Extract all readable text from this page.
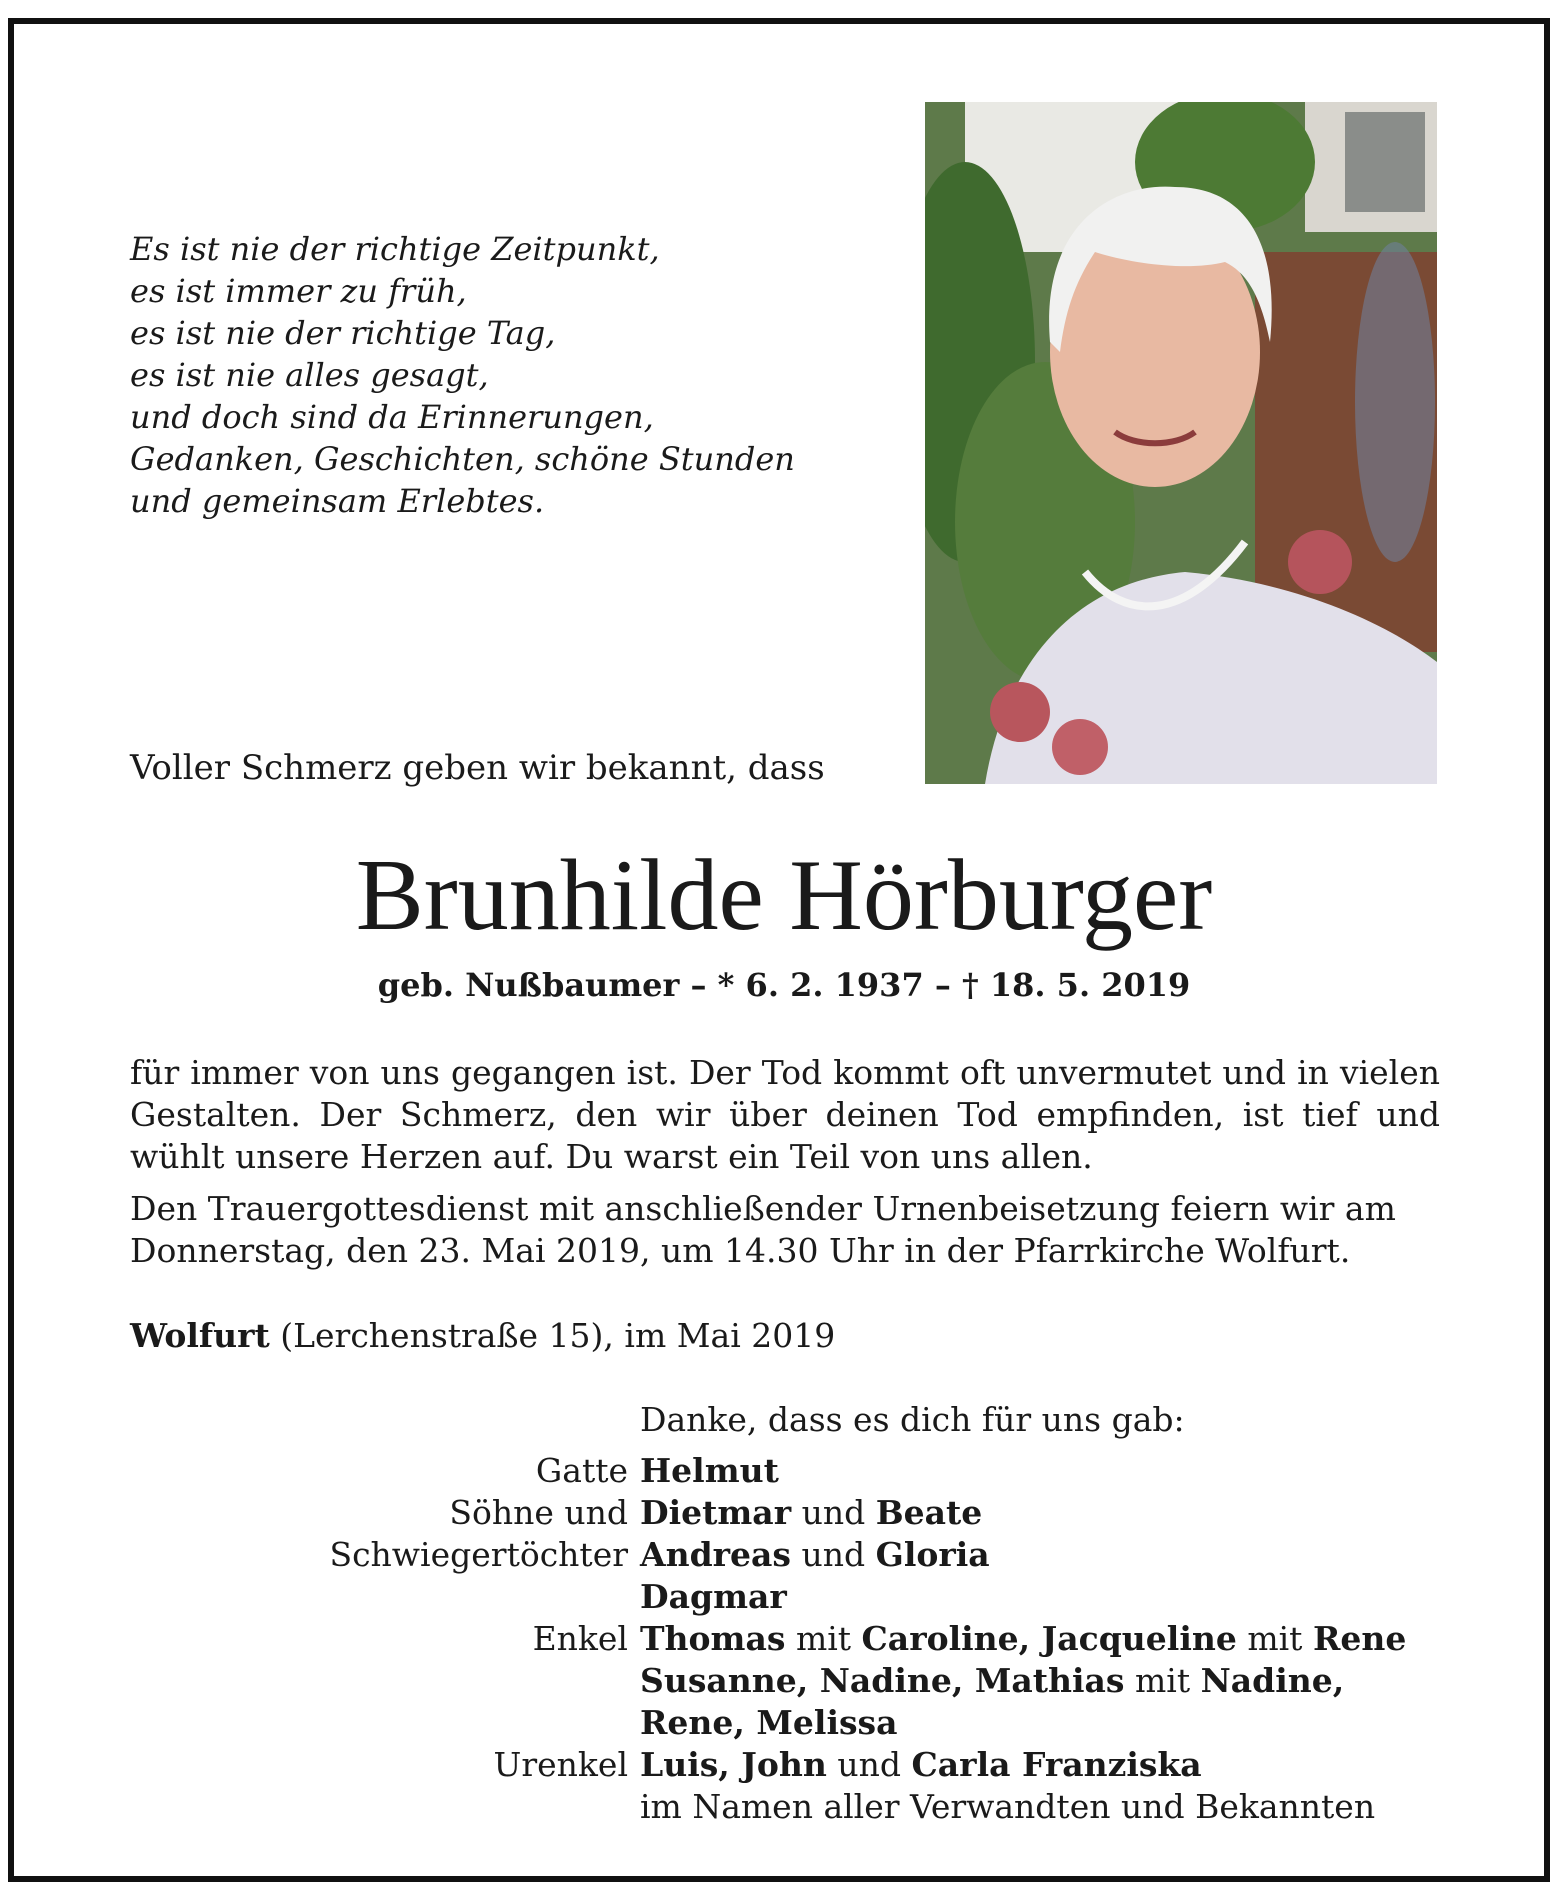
Es ist nie der richtige Zeitpunkt,
es ist immer zu früh,
es ist nie der richtige Tag,
es ist nie alles gesagt,
und doch sind da Erinnerungen,
Gedanken, Geschichten, schöne Stunden
und gemeinsam Erlebtes.
Voller Schmerz geben wir bekannt, dass
Brunhilde Hörburger
geb. Nußbaumer – * 6. 2. 1937 – † 18. 5. 2019
für immer von uns gegangen ist. Der Tod kommt oft unvermutet und in vielen Gestalten. Der Schmerz, den wir über deinen Tod empfinden, ist tief und wühlt unsere Herzen auf. Du warst ein Teil von uns allen.
Den Trauergottesdienst mit anschließender Urnenbeisetzung feiern wir am
Donnerstag, den 23. Mai 2019, um 14.30 Uhr in der Pfarrkirche Wolfurt.
Wolfurt (Lerchenstraße 15), im Mai 2019
Danke, dass es dich für uns gab:
Gatte Helmut
Söhne und Dietmar und Beate
Schwiegertöchter Andreas und Gloria
Dagmar
Enkel Thomas mit Caroline, Jacqueline mit Rene
Susanne, Nadine, Mathias mit Nadine,
Rene, Melissa
Urenkel Luis, John und Carla Franziska
im Namen aller Verwandten und Bekannten
